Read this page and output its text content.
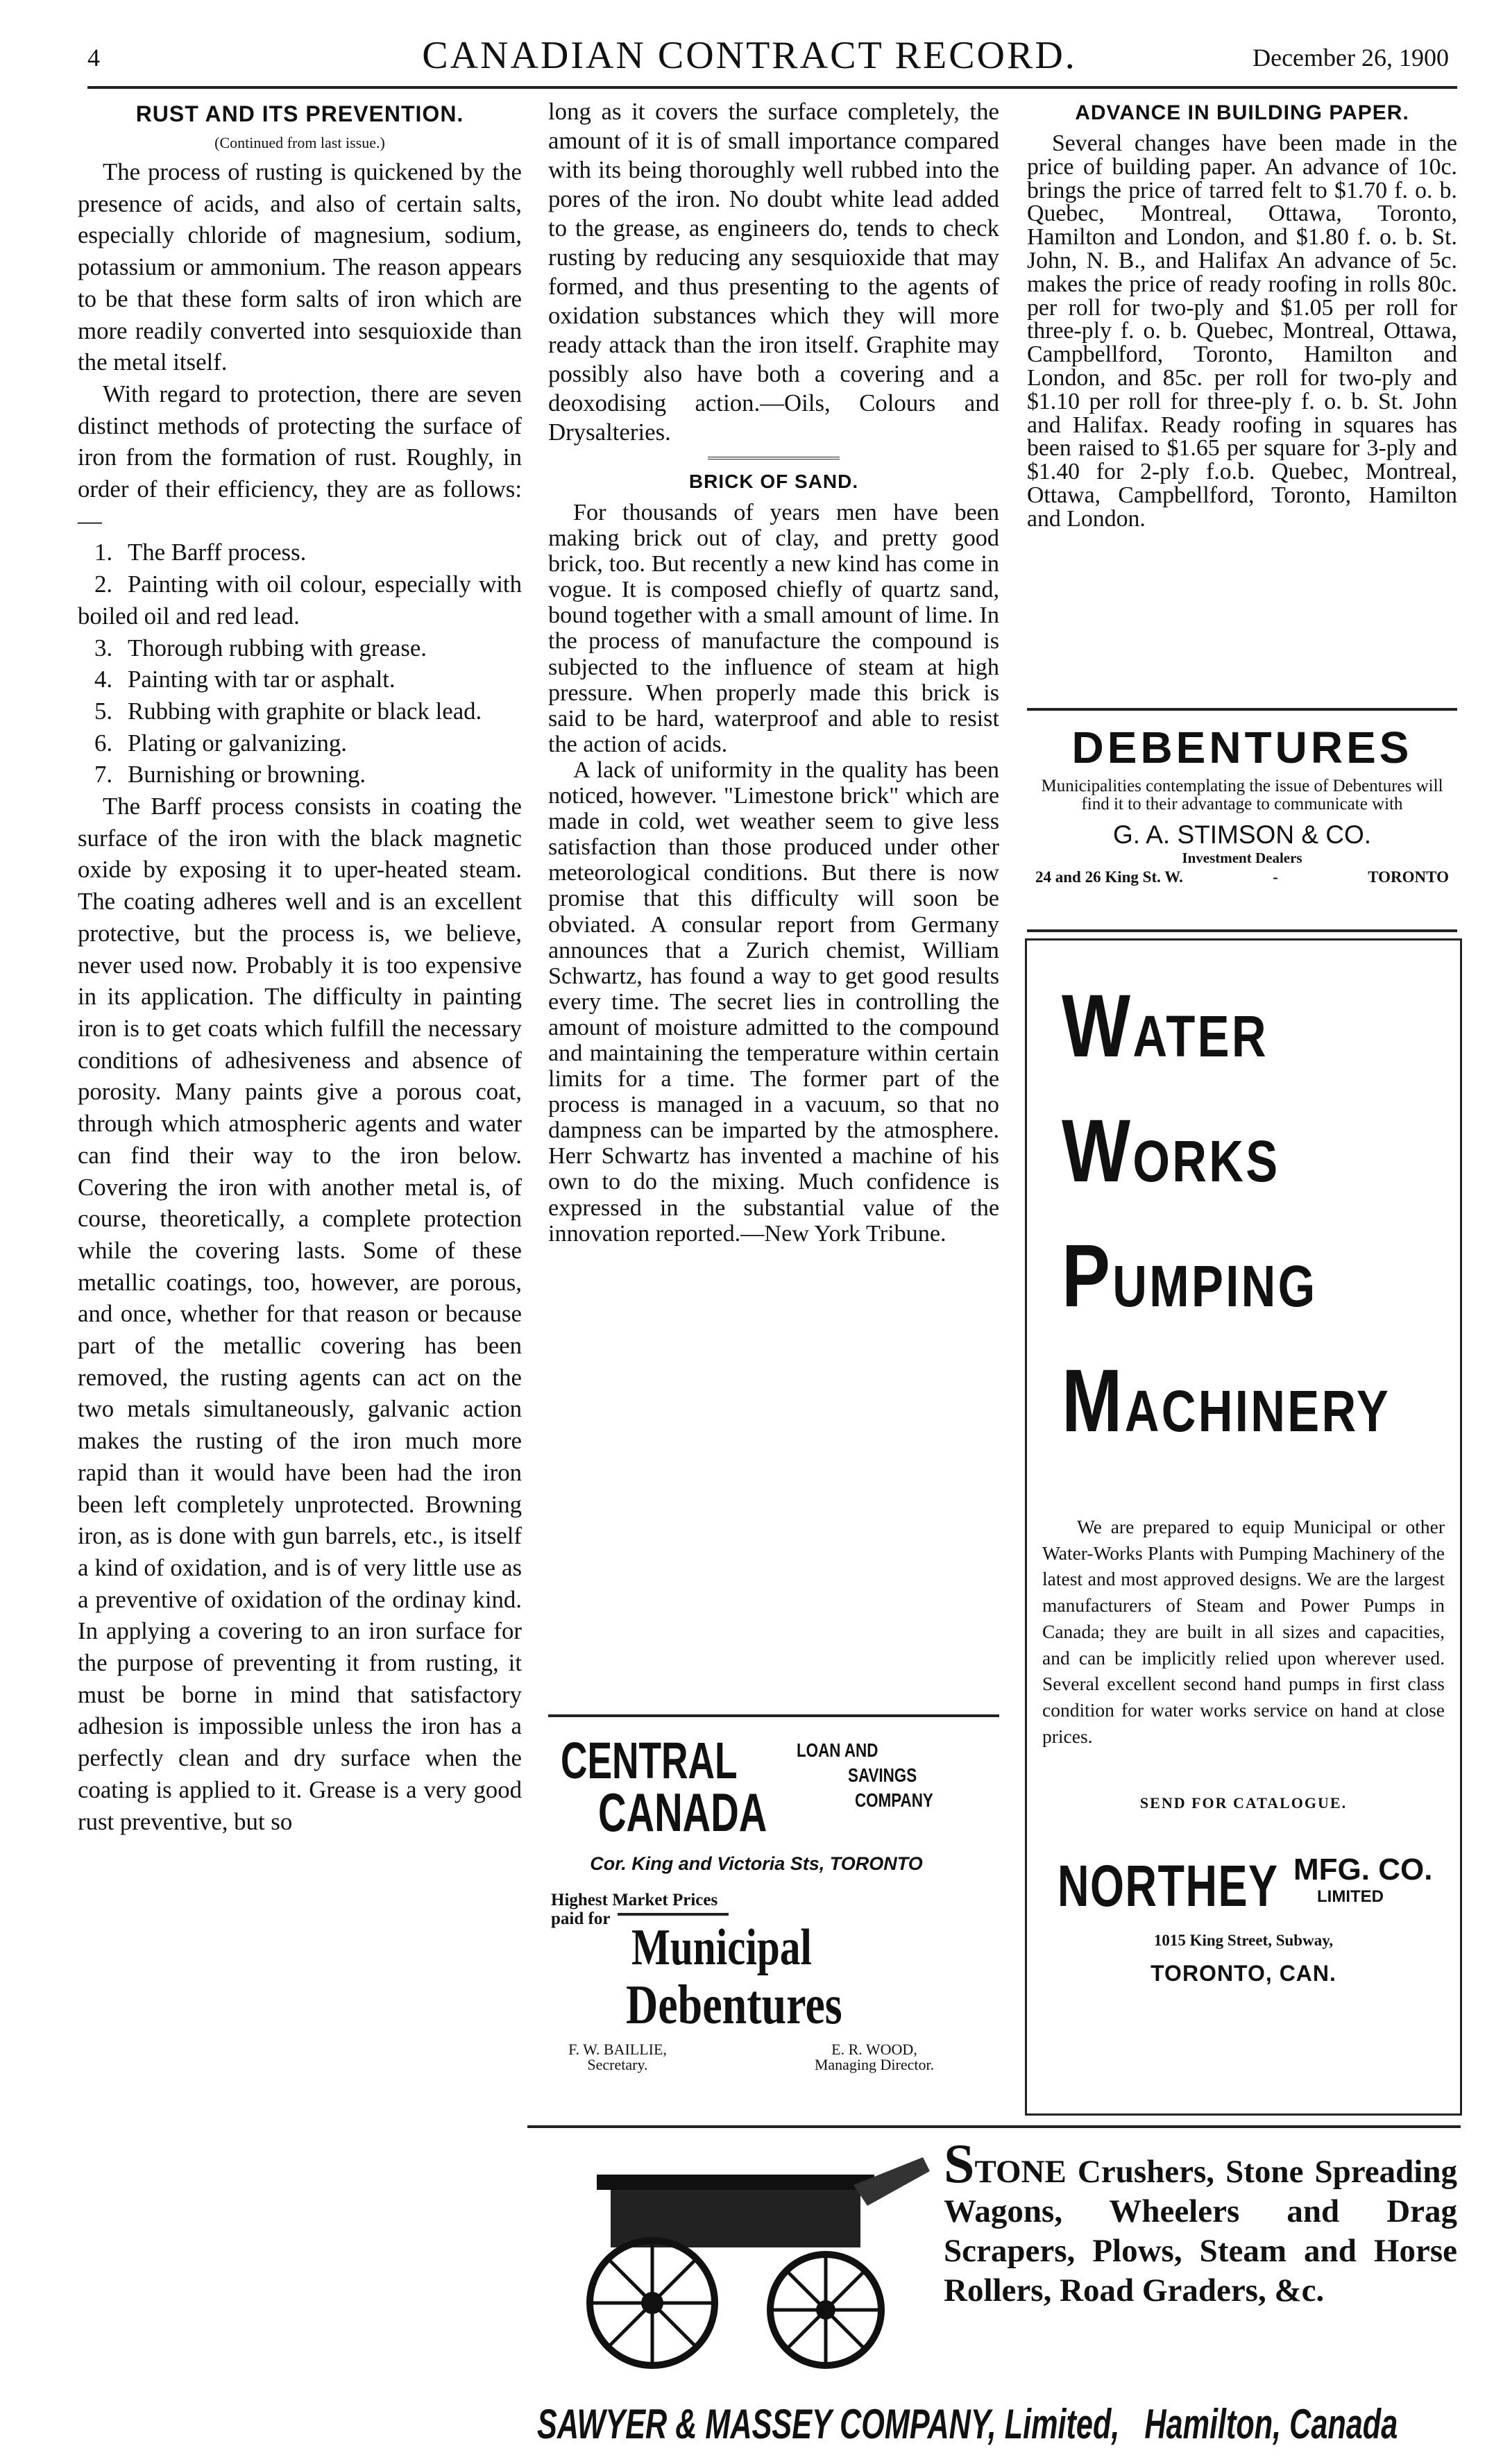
4	CANADIAN CONTRACT RECORD.	December 26, 1900
RUST AND ITS PREVENTION.
(Continued from last issue.)

The process of rusting is quickened by the presence of acids, and also of certain salts, especially chloride of magnesium, sodium, potassium or ammonium. The reason appears to be that these form salts of iron which are more readily converted into sesquioxide than the metal itself.

With regard to protection, there are seven distinct methods of protecting the surface of iron from the formation of rust. Roughly, in order of their efficiency, they are as follows:—

1. The Barff process.
2. Painting with oil colour, especially with boiled oil and red lead.
3. Thorough rubbing with grease.
4. Painting with tar or asphalt.
5. Rubbing with graphite or black lead.
6. Plating or galvanizing.
7. Burnishing or browning.

The Barff process consists in coating the surface of the iron with the black magnetic oxide by exposing it to uper-heated steam. The coating adheres well and is an excellent protective, but the process is, we believe, never used now. Probably it is too expensive in its application. The difficulty in painting iron is to get coats which fulfill the necessary conditions of adhesiveness and absence of porosity. Many paints give a porous coat, through which atmospheric agents and water can find their way to the iron below. Covering the iron with another metal is, of course, theoretically, a complete protection while the covering lasts. Some of these metallic coatings, too, however, are porous, and once, whether for that reason or because part of the metallic covering has been removed, the rusting agents can act on the two metals simultaneously, galvanic action makes the rusting of the iron much more rapid than it would have been had the iron been left completely unprotected. Browning iron, as is done with gun barrels, etc., is itself a kind of oxidation, and is of very little use as a preventive of oxidation of the ordinay kind. In applying a covering to an iron surface for the purpose of preventing it from rusting, it must be borne in mind that satisfactory adhesion is impossible unless the iron has a perfectly clean and dry surface when the coating is applied to it. Grease is a very good rust preventive, but so

long as it covers the surface completely, the amount of it is of small importance compared with its being thoroughly well rubbed into the pores of the iron. No doubt white lead added to the grease, as engineers do, tends to check rusting by reducing any sesquioxide that may formed, and thus presenting to the agents of oxidation substances which they will more ready attack than the iron itself. Graphite may possibly also have both a covering and a deoxodising action.—Oils, Colours and Drysalteries.

BRICK OF SAND.

For thousands of years men have been making brick out of clay, and pretty good brick, too. But recently a new kind has come in vogue. It is composed chiefly of quartz sand, bound together with a small amount of lime. In the process of manufacture the compound is subjected to the influence of steam at high pressure. When properly made this brick is said to be hard, waterproof and able to resist the action of acids.

A lack of uniformity in the quality has been noticed, however. "Limestone brick" which are made in cold, wet weather seem to give less satisfaction than those produced under other meteorological conditions. But there is now promise that this difficulty will soon be obviated. A consular report from Germany announces that a Zurich chemist, William Schwartz, has found a way to get good results every time. The secret lies in controlling the amount of moisture admitted to the compound and maintaining the temperature within certain limits for a time. The former part of the process is managed in a vacuum, so that no dampness can be imparted by the atmosphere. Herr Schwartz has invented a machine of his own to do the mixing. Much confidence is expressed in the substantial value of the innovation reported.—New York Tribune.

ADVANCE IN BUILDING PAPER.

Several changes have been made in the price of building paper. An advance of 10c. brings the price of tarred felt to $1.70 f. o. b. Quebec, Montreal, Ottawa, Toronto, Hamilton and London, and $1.80 f. o. b. St. John, N. B., and Halifax An advance of 5c. makes the price of ready roofing in rolls 80c. per roll for two-ply and $1.05 per roll for three-ply f. o. b. Quebec, Montreal, Ottawa, Campbellford, Toronto, Hamilton and London, and 85c. per roll for two-ply and $1.10 per roll for three-ply f. o. b. St. John and Halifax. Ready roofing in squares has been raised to $1.65 per square for 3-ply and $1.40 for 2-ply f.o.b. Quebec, Montreal, Ottawa, Campbellford, Toronto, Hamilton and London.

DEBENTURES
Municipalities contemplating the issue of Debentures will find it to their advantage to communicate with
G. A. STIMSON & CO.
Investment Dealers
24 and 26 King St. W.	-	TORONTO
WATER
WORKS
PUMPING
MACHINERY
We are prepared to equip Municipal or other Water-Works Plants with Pumping Machinery of the latest and most approved designs. We are the largest manufacturers of Steam and Power Pumps in Canada; they are built in all sizes and capacities, and can be implicitly relied upon wherever used. Several excellent second hand pumps in first class condition for water works service on hand at close prices.
SEND FOR CATALOGUE.
NORTHEY MFG. CO.
LIMITED
1015 King Street, Subway,
TORONTO, CAN.
CENTRAL
CANADA
LOAN AND
SAVINGS
COMPANY
Cor. King and Victoria Sts, TORONTO
Highest Market Prices paid for
Municipal
Debentures
F. W. BAILLIE,
Secretary.
E. R. WOOD,
Managing Director.
STONE Crushers, Stone Spreading Wagons, Wheelers and Drag Scrapers, Plows, Steam and Horse Rollers, Road Graders, &c.
SAWYER & MASSEY COMPANY, Limited, Hamilton, Canada
